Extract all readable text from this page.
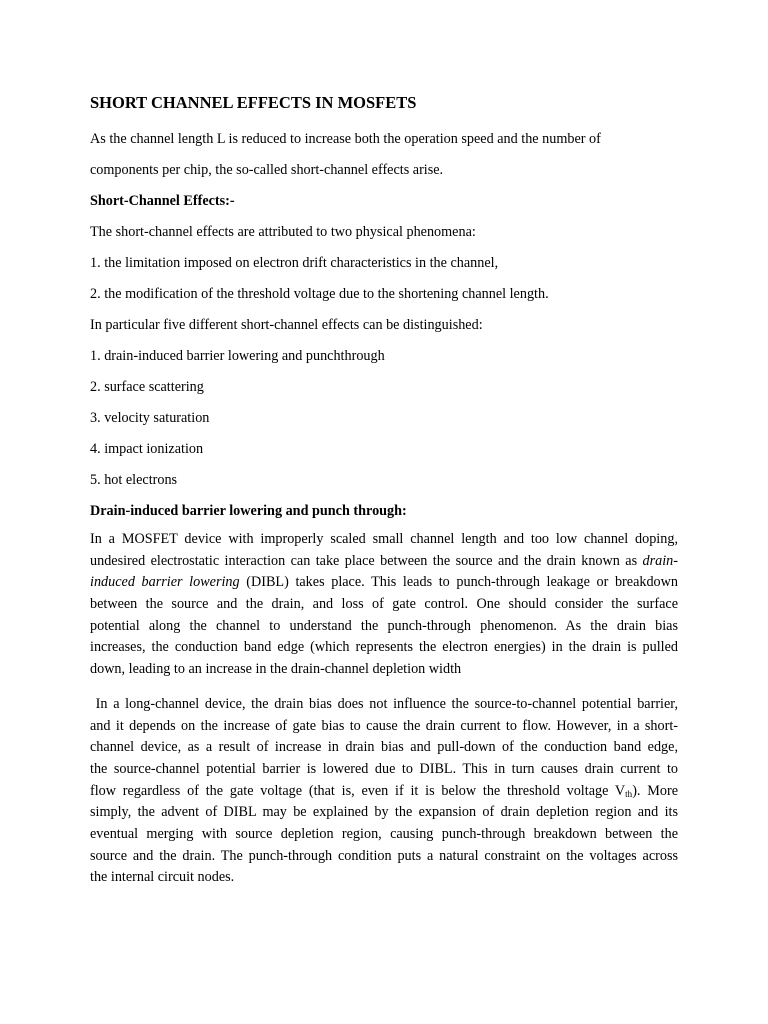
SHORT CHANNEL EFFECTS IN MOSFETS
As the channel length L is reduced to increase both the operation speed and the number of
components per chip, the so-called short-channel effects arise.
Short-Channel Effects:-
The short-channel effects are attributed to two physical phenomena:
1. the limitation imposed on electron drift characteristics in the channel,
2. the modification of the threshold voltage due to the shortening channel length.
In particular five different short-channel effects can be distinguished:
1. drain-induced barrier lowering and punchthrough
2. surface scattering
3. velocity saturation
4. impact ionization
5. hot electrons
Drain-induced barrier lowering and punch through:
In a MOSFET device with improperly scaled small channel length and too low channel doping,
undesired electrostatic interaction can take place between the source and the drain known as drain-
induced barrier lowering (DIBL) takes place. This leads to punch-through leakage or breakdown
between the source and the drain, and loss of gate control. One should consider the surface
potential along the channel to understand the punch-through phenomenon. As the drain bias
increases, the conduction band edge (which represents the electron energies) in the drain is pulled
down, leading to an increase in the drain-channel depletion width
In a long-channel device, the drain bias does not influence the source-to-channel potential barrier,
and it depends on the increase of gate bias to cause the drain current to flow. However, in a short-
channel device, as a result of increase in drain bias and pull-down of the conduction band edge,
the source-channel potential barrier is lowered due to DIBL. This in turn causes drain current to
flow regardless of the gate voltage (that is, even if it is below the threshold voltage $V_{th}$). More
simply, the advent of DIBL may be explained by the expansion of drain depletion region and its
eventual merging with source depletion region, causing punch-through breakdown between the
source and the drain. The punch-through condition puts a natural constraint on the voltages across
the internal circuit nodes.
